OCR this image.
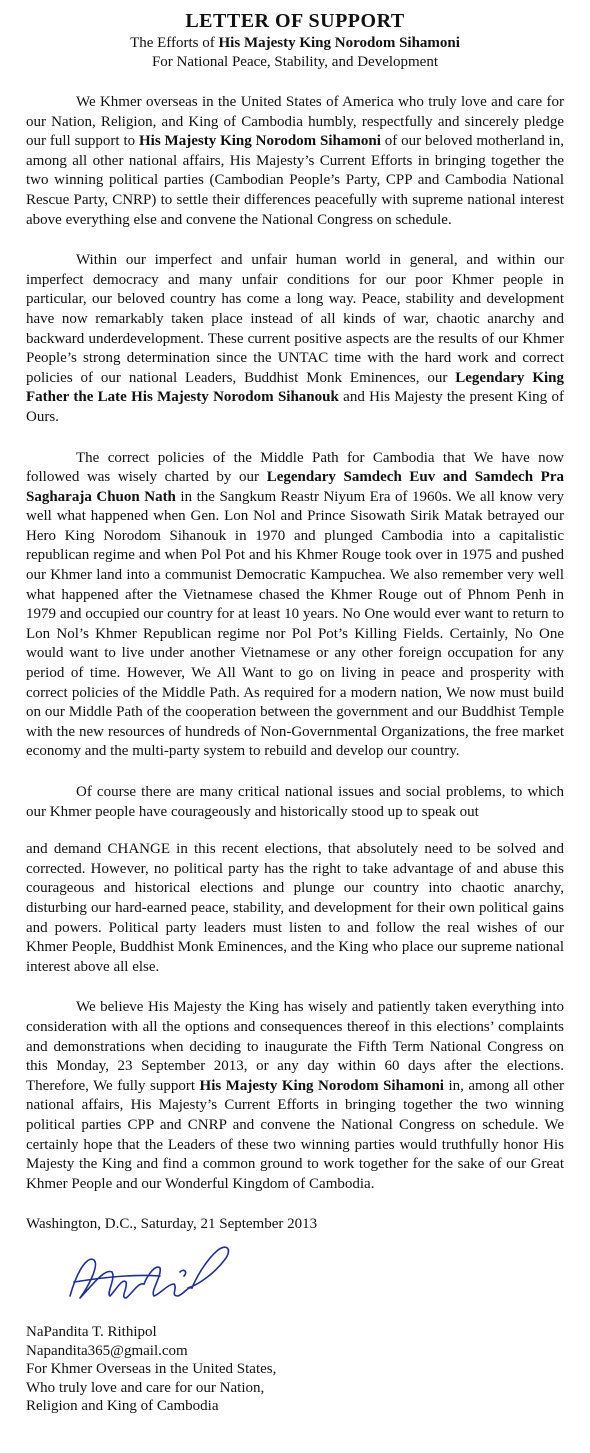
LETTER OF SUPPORT

The Efforts of His Majesty King Norodom Sihamoni

For National Peace, Stability, and Development

We Khmer overseas in the United States of America who truly love and care for our Nation, Religion, and King of Cambodia humbly, respectfully and sincerely pledge our full support to His Majesty King Norodom Sihamoni of our beloved motherland in, among all other national affairs, His Majesty’s Current Efforts in bringing together the two winning political parties (Cambodian People’s Party, CPP and Cambodia National Rescue Party, CNRP) to settle their differences peacefully with supreme national interest above everything else and convene the National Congress on schedule.

Within our imperfect and unfair human world in general, and within our imperfect democracy and many unfair conditions for our poor Khmer people in particular, our beloved country has come a long way. Peace, stability and development have now remarkably taken place instead of all kinds of war, chaotic anarchy and backward underdevelopment. These current positive aspects are the results of our Khmer People’s strong determination since the UNTAC time with the hard work and correct policies of our national Leaders, Buddhist Monk Eminences, our Legendary King Father the Late His Majesty Norodom Sihanouk and His Majesty the present King of Ours.

The correct policies of the Middle Path for Cambodia that We have now followed was wisely charted by our Legendary Samdech Euv and Samdech Pra Sagharaja Chuon Nath in the Sangkum Reastr Niyum Era of 1960s. We all know very well what happened when Gen. Lon Nol and Prince Sisowath Sirik Matak betrayed our Hero King Norodom Sihanouk in 1970 and plunged Cambodia into a capitalistic republican regime and when Pol Pot and his Khmer Rouge took over in 1975 and pushed our Khmer land into a communist Democratic Kampuchea. We also remember very well what happened after the Vietnamese chased the Khmer Rouge out of Phnom Penh in 1979 and occupied our country for at least 10 years. No One would ever want to return to Lon Nol’s Khmer Republican regime nor Pol Pot’s Killing Fields. Certainly, No One would want to live under another Vietnamese or any other foreign occupation for any period of time. However, We All Want to go on living in peace and prosperity with correct policies of the Middle Path. As required for a modern nation, We now must build on our Middle Path of the cooperation between the government and our Buddhist Temple with the new resources of hundreds of Non-Governmental Organizations, the free market economy and the multi-party system to rebuild and develop our country.

Of course there are many critical national issues and social problems, to which our Khmer people have courageously and historically stood up to speak out

and demand CHANGE in this recent elections, that absolutely need to be solved and corrected. However, no political party has the right to take advantage of and abuse this courageous and historical elections and plunge our country into chaotic anarchy, disturbing our hard-earned peace, stability, and development for their own political gains and powers. Political party leaders must listen to and follow the real wishes of our Khmer People, Buddhist Monk Eminences, and the King who place our supreme national interest above all else.

We believe His Majesty the King has wisely and patiently taken everything into consideration with all the options and consequences thereof in this elections’ complaints and demonstrations when deciding to inaugurate the Fifth Term National Congress on this Monday, 23 September 2013, or any day within 60 days after the elections. Therefore, We fully support His Majesty King Norodom Sihamoni in, among all other national affairs, His Majesty’s Current Efforts in bringing together the two winning political parties CPP and CNRP and convene the National Congress on schedule. We certainly hope that the Leaders of these two winning parties would truthfully honor His Majesty the King and find a common ground to work together for the sake of our Great Khmer People and our Wonderful Kingdom of Cambodia.

Washington, D.C., Saturday, 21 September 2013

NaPandita T. Rithipol

Napandita365@gmail.com

For Khmer Overseas in the United States,

Who truly love and care for our Nation,

Religion and King of Cambodia
